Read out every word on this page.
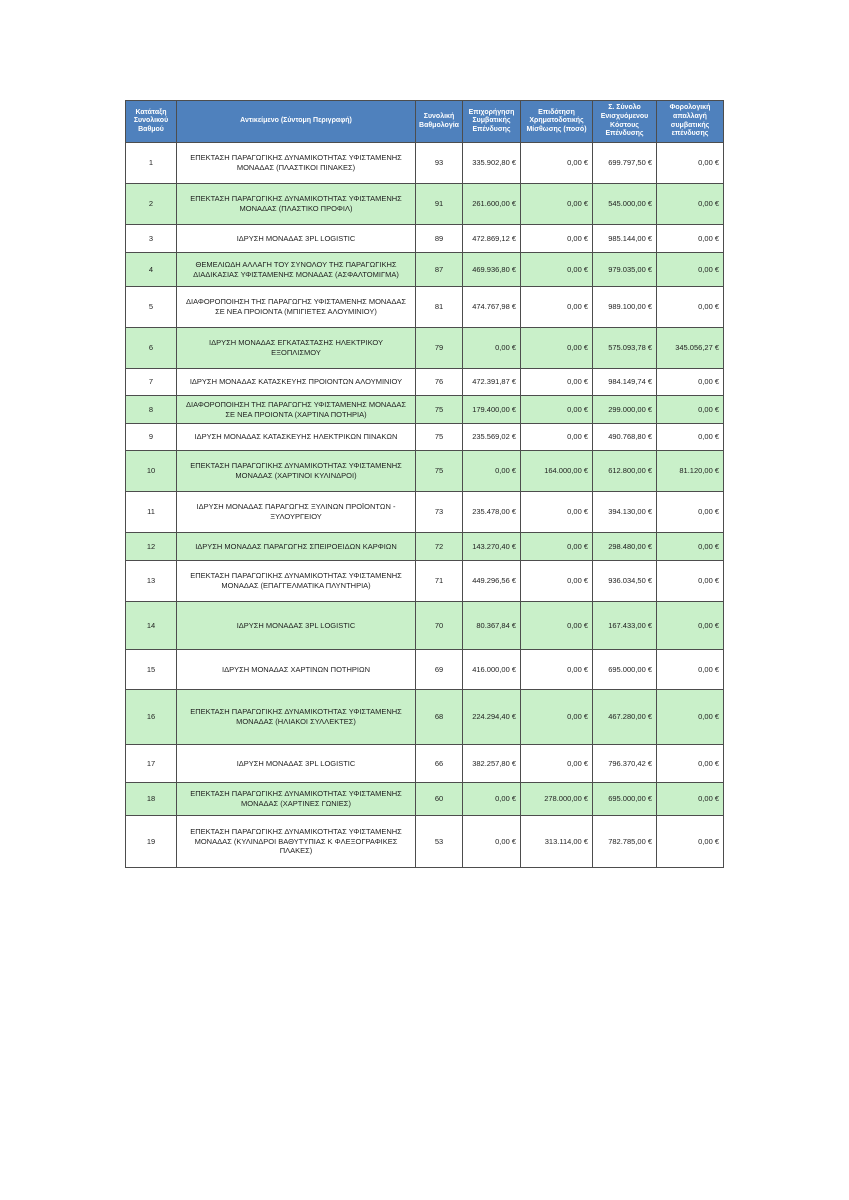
Κατάταξη Συνολικού Βαθμού	Αντικείμενο (Σύντομη Περιγραφή)	Συνολική Βαθμολογία	Επιχορήγηση Συμβατικής Επένδυσης	Επιδότηση Χρηματοδοτικής Μίσθωσης (ποσό)	Σ. Σύνολο Ενισχυόμενου Κόστους Επένδυσης	Φορολογική απαλλαγή συμβατικής επένδυσης
1	ΕΠΕΚΤΑΣΗ ΠΑΡΑΓΩΓΙΚΗΣ ΔΥΝΑΜΙΚΟΤΗΤΑΣ ΥΦΙΣΤΑΜΕΝΗΣ ΜΟΝΑΔΑΣ (ΠΛΑΣΤΙΚΟΙ ΠΙΝΑΚΕΣ)	93	335.902,80 €	0,00 €	699.797,50 €	0,00 €
2	ΕΠΕΚΤΑΣΗ ΠΑΡΑΓΩΓΙΚΗΣ ΔΥΝΑΜΙΚΟΤΗΤΑΣ ΥΦΙΣΤΑΜΕΝΗΣ ΜΟΝΑΔΑΣ (ΠΛΑΣΤΙΚΟ ΠΡΟΦΙΛ)	91	261.600,00 €	0,00 €	545.000,00 €	0,00 €
3	ΙΔΡΥΣΗ ΜΟΝΑΔΑΣ 3PL LOGISTIC	89	472.869,12 €	0,00 €	985.144,00 €	0,00 €
4	ΘΕΜΕΛΙΩΔΗ ΑΛΛΑΓΗ ΤΟΥ ΣΥΝΟΛΟΥ ΤΗΣ ΠΑΡΑΓΩΓΙΚΗΣ ΔΙΑΔΙΚΑΣΙΑΣ ΥΦΙΣΤΑΜΕΝΗΣ ΜΟΝΑΔΑΣ (ΑΣΦΑΛΤΟΜΙΓΜΑ)	87	469.936,80 €	0,00 €	979.035,00 €	0,00 €
5	ΔΙΑΦΟΡΟΠΟΙΗΣΗ ΤΗΣ ΠΑΡΑΓΩΓΗΣ ΥΦΙΣΤΑΜΕΝΗΣ ΜΟΝΑΔΑΣ ΣΕ ΝΕΑ ΠΡΟΙΟΝΤΑ (ΜΠΙΓΙΕΤΕΣ ΑΛΟΥΜΙΝΙΟΥ)	81	474.767,98 €	0,00 €	989.100,00 €	0,00 €
6	ΙΔΡΥΣΗ ΜΟΝΑΔΑΣ ΕΓΚΑΤΑΣΤΑΣΗΣ ΗΛΕΚΤΡΙΚΟΥ ΕΞΟΠΛΙΣΜΟΥ	79	0,00 €	0,00 €	575.093,78 €	345.056,27 €
7	ΙΔΡΥΣΗ ΜΟΝΑΔΑΣ ΚΑΤΑΣΚΕΥΗΣ ΠΡΟΙΟΝΤΩΝ ΑΛΟΥΜΙΝΙΟΥ	76	472.391,87 €	0,00 €	984.149,74 €	0,00 €
8	ΔΙΑΦΟΡΟΠΟΙΗΣΗ ΤΗΣ ΠΑΡΑΓΩΓΗΣ ΥΦΙΣΤΑΜΕΝΗΣ ΜΟΝΑΔΑΣ ΣΕ ΝΕΑ ΠΡΟΙΟΝΤΑ (ΧΑΡΤΙΝΑ ΠΟΤΗΡΙΑ)	75	179.400,00 €	0,00 €	299.000,00 €	0,00 €
9	ΙΔΡΥΣΗ ΜΟΝΑΔΑΣ ΚΑΤΑΣΚΕΥΗΣ ΗΛΕΚΤΡΙΚΩΝ ΠΙΝΑΚΩΝ	75	235.569,02 €	0,00 €	490.768,80 €	0,00 €
10	ΕΠΕΚΤΑΣΗ ΠΑΡΑΓΩΓΙΚΗΣ ΔΥΝΑΜΙΚΟΤΗΤΑΣ ΥΦΙΣΤΑΜΕΝΗΣ ΜΟΝΑΔΑΣ (ΧΑΡΤΙΝΟΙ ΚΥΛΙΝΔΡΟΙ)	75	0,00 €	164.000,00 €	612.800,00 €	81.120,00 €
11	ΙΔΡΥΣΗ ΜΟΝΑΔΑΣ ΠΑΡΑΓΩΓΗΣ ΞΥΛΙΝΩΝ ΠΡΟΪΟΝΤΩΝ - ΞΥΛΟΥΡΓΕΙΟΥ	73	235.478,00 €	0,00 €	394.130,00 €	0,00 €
12	ΙΔΡΥΣΗ ΜΟΝΑΔΑΣ ΠΑΡΑΓΩΓΗΣ ΣΠΕΙΡΟΕΙΔΩΝ ΚΑΡΦΙΩΝ	72	143.270,40 €	0,00 €	298.480,00 €	0,00 €
13	ΕΠΕΚΤΑΣΗ ΠΑΡΑΓΩΓΙΚΗΣ ΔΥΝΑΜΙΚΟΤΗΤΑΣ ΥΦΙΣΤΑΜΕΝΗΣ ΜΟΝΑΔΑΣ (ΕΠΑΓΓΕΛΜΑΤΙΚΑ ΠΛΥΝΤΗΡΙΑ)	71	449.296,56 €	0,00 €	936.034,50 €	0,00 €
14	ΙΔΡΥΣΗ ΜΟΝΑΔΑΣ 3PL LOGISTIC	70	80.367,84 €	0,00 €	167.433,00 €	0,00 €
15	ΙΔΡΥΣΗ ΜΟΝΑΔΑΣ ΧΑΡΤΙΝΩΝ ΠΟΤΗΡΙΩΝ	69	416.000,00 €	0,00 €	695.000,00 €	0,00 €
16	ΕΠΕΚΤΑΣΗ ΠΑΡΑΓΩΓΙΚΗΣ ΔΥΝΑΜΙΚΟΤΗΤΑΣ ΥΦΙΣΤΑΜΕΝΗΣ ΜΟΝΑΔΑΣ (ΗΛΙΑΚΟΙ ΣΥΛΛΕΚΤΕΣ)	68	224.294,40 €	0,00 €	467.280,00 €	0,00 €
17	ΙΔΡΥΣΗ ΜΟΝΑΔΑΣ 3PL LOGISTIC	66	382.257,80 €	0,00 €	796.370,42 €	0,00 €
18	ΕΠΕΚΤΑΣΗ ΠΑΡΑΓΩΓΙΚΗΣ ΔΥΝΑΜΙΚΟΤΗΤΑΣ ΥΦΙΣΤΑΜΕΝΗΣ ΜΟΝΑΔΑΣ (ΧΑΡΤΙΝΕΣ ΓΩΝΙΕΣ)	60	0,00 €	278.000,00 €	695.000,00 €	0,00 €
19	ΕΠΕΚΤΑΣΗ ΠΑΡΑΓΩΓΙΚΗΣ ΔΥΝΑΜΙΚΟΤΗΤΑΣ ΥΦΙΣΤΑΜΕΝΗΣ ΜΟΝΑΔΑΣ (ΚΥΛΙΝΔΡΟΙ ΒΑΘΥΤΥΠΙΑΣ Κ ΦΛΕΞΟΓΡΑΦΙΚΕΣ ΠΛΑΚΕΣ)	53	0,00 €	313.114,00 €	782.785,00 €	0,00 €
